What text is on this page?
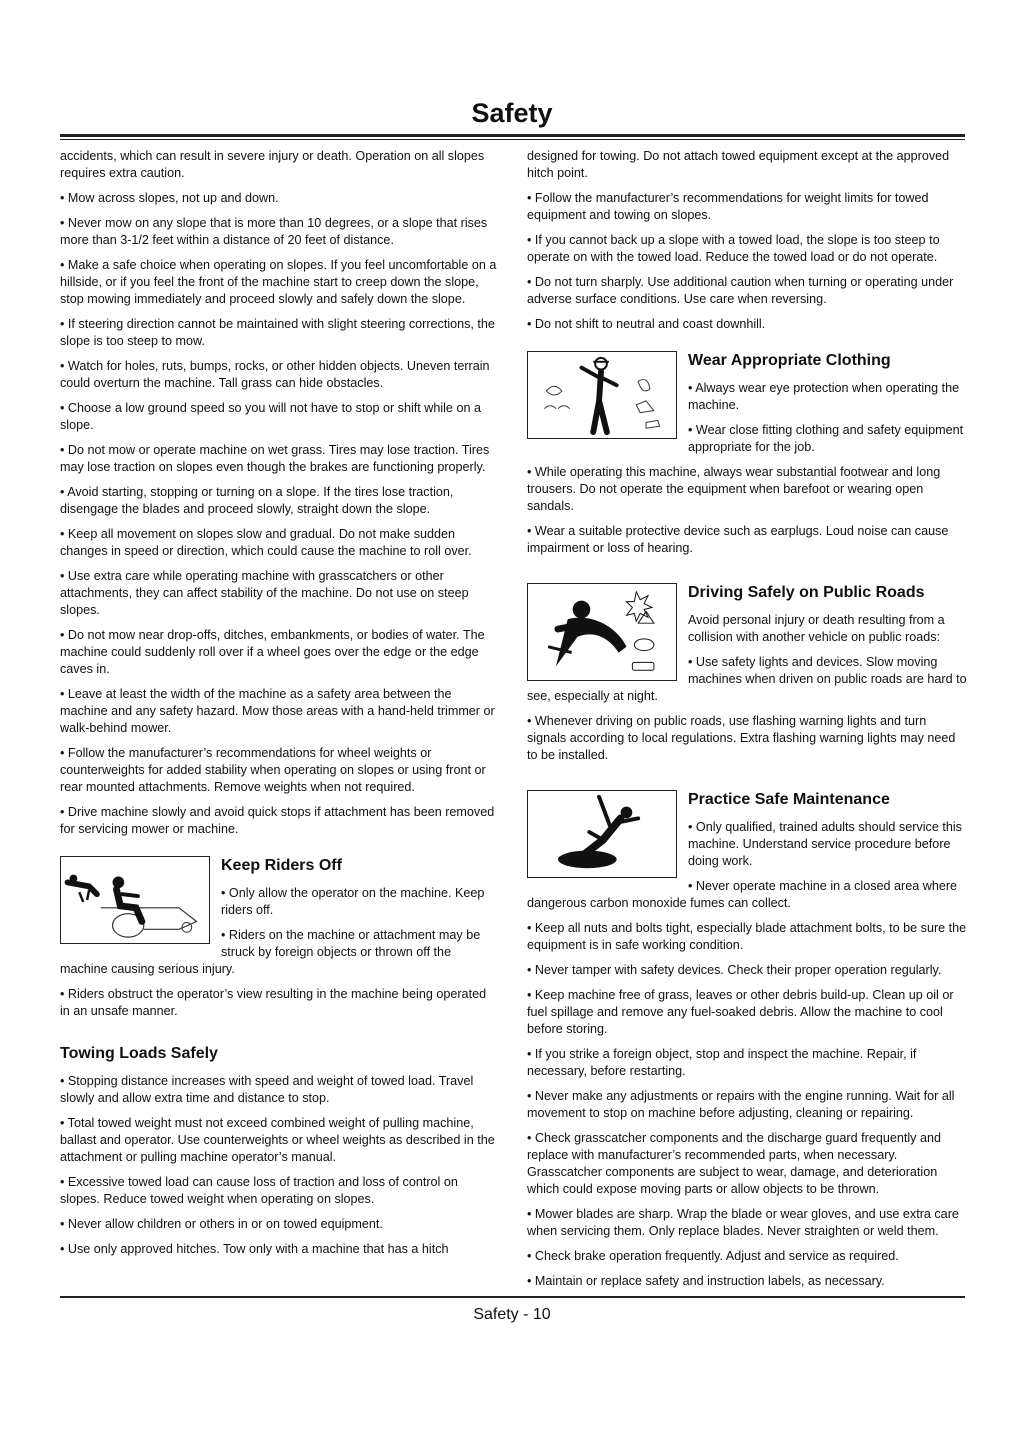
Safety

accidents, which can result in severe injury or death. Operation on all slopes requires extra caution.

• Mow across slopes, not up and down.

• Never mow on any slope that is more than 10 degrees, or a slope that rises more than 3-1/2 feet within a distance of 20 feet of distance.

• Make a safe choice when operating on slopes. If you feel uncomfortable on a hillside, or if you feel the front of the machine start to creep down the slope, stop mowing immediately and proceed slowly and safely down the slope.

• If steering direction cannot be maintained with slight steering corrections, the slope is too steep to mow.

• Watch for holes, ruts, bumps, rocks, or other hidden objects. Uneven terrain could overturn the machine. Tall grass can hide obstacles.

• Choose a low ground speed so you will not have to stop or shift while on a slope.

• Do not mow or operate machine on wet grass. Tires may lose traction. Tires may lose traction on slopes even though the brakes are functioning properly.

• Avoid starting, stopping or turning on a slope. If the tires lose traction, disengage the blades and proceed slowly, straight down the slope.

• Keep all movement on slopes slow and gradual. Do not make sudden changes in speed or direction, which could cause the machine to roll over.

• Use extra care while operating machine with grasscatchers or other attachments, they can affect stability of the machine. Do not use on steep slopes.

• Do not mow near drop-offs, ditches, embankments, or bodies of water. The machine could suddenly roll over if a wheel goes over the edge or the edge caves in.

• Leave at least the width of the machine as a safety area between the machine and any safety hazard. Mow those areas with a hand-held trimmer or walk-behind mower.

• Follow the manufacturer’s recommendations for wheel weights or counterweights for added stability when operating on slopes or using front or rear mounted attachments. Remove weights when not required.

• Drive machine slowly and avoid quick stops if attachment has been removed for servicing mower or machine.

Keep Riders Off

• Only allow the operator on the machine. Keep riders off.

• Riders on the machine or attachment may be struck by foreign objects or thrown off the machine causing serious injury.

• Riders obstruct the operator’s view resulting in the machine being operated in an unsafe manner.

Towing Loads Safely

• Stopping distance increases with speed and weight of towed load. Travel slowly and allow extra time and distance to stop.

• Total towed weight must not exceed combined weight of pulling machine, ballast and operator. Use counterweights or wheel weights as described in the attachment or pulling machine operator’s manual.

• Excessive towed load can cause loss of traction and loss of control on slopes. Reduce towed weight when operating on slopes.

• Never allow children or others in or on towed equipment.

• Use only approved hitches. Tow only with a machine that has a hitch

designed for towing. Do not attach towed equipment except at the approved hitch point.

• Follow the manufacturer’s recommendations for weight limits for towed equipment and towing on slopes.

• If you cannot back up a slope with a towed load, the slope is too steep to operate on with the towed load. Reduce the towed load or do not operate.

• Do not turn sharply. Use additional caution when turning or operating under adverse surface conditions. Use care when reversing.

• Do not shift to neutral and coast downhill.

Wear Appropriate Clothing

• Always wear eye protection when operating the machine.

• Wear close fitting clothing and safety equipment appropriate for the job.

• While operating this machine, always wear substantial footwear and long trousers. Do not operate the equipment when barefoot or wearing open sandals.

• Wear a suitable protective device such as earplugs. Loud noise can cause impairment or loss of hearing.

Driving Safely on Public Roads

Avoid personal injury or death resulting from a collision with another vehicle on public roads:

• Use safety lights and devices. Slow moving machines when driven on public roads are hard to see, especially at night.

• Whenever driving on public roads, use flashing warning lights and turn signals according to local regulations. Extra flashing warning lights may need to be installed.

Practice Safe Maintenance

• Only qualified, trained adults should service this machine. Understand service procedure before doing work.

• Never operate machine in a closed area where dangerous carbon monoxide fumes can collect.

• Keep all nuts and bolts tight, especially blade attachment bolts, to be sure the equipment is in safe working condition.

• Never tamper with safety devices. Check their proper operation regularly.

• Keep machine free of grass, leaves or other debris build-up. Clean up oil or fuel spillage and remove any fuel-soaked debris. Allow the machine to cool before storing.

• If you strike a foreign object, stop and inspect the machine. Repair, if necessary, before restarting.

• Never make any adjustments or repairs with the engine running. Wait for all movement to stop on machine before adjusting, cleaning or repairing.

• Check grasscatcher components and the discharge guard frequently and replace with manufacturer’s recommended parts, when necessary. Grasscatcher components are subject to wear, damage, and deterioration which could expose moving parts or allow objects to be thrown.

• Mower blades are sharp. Wrap the blade or wear gloves, and use extra care when servicing them. Only replace blades. Never straighten or weld them.

• Check brake operation frequently. Adjust and service as required.

• Maintain or replace safety and instruction labels, as necessary.

Safety - 10
